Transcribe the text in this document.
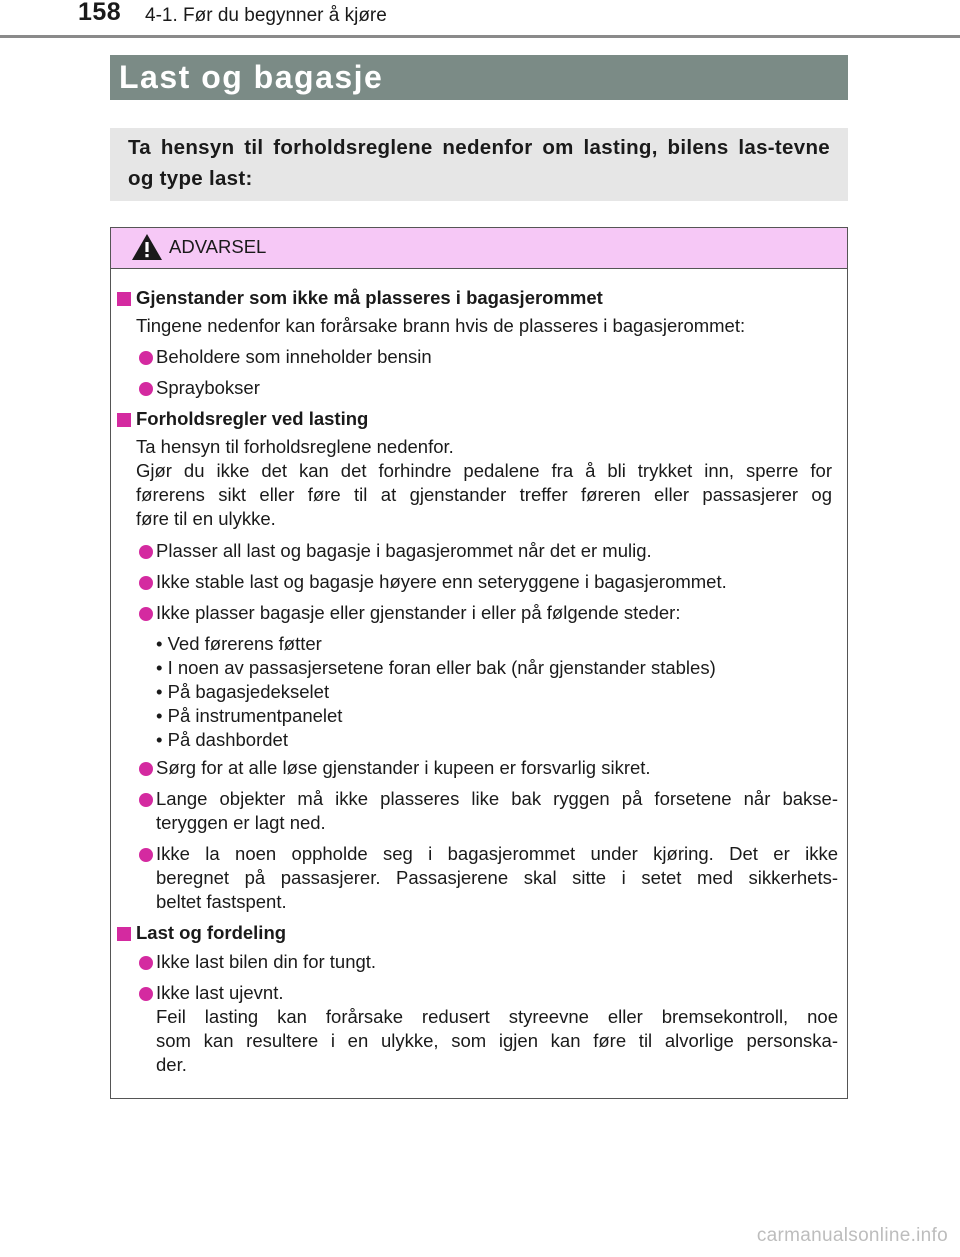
158 4-1. Før du begynner å kjøre
Last og bagasje
Ta hensyn til forholdsreglene nedenfor om lasting, bilens las-tevne og type last:
ADVARSEL
Gjenstander som ikke må plasseres i bagasjerommet
Tingene nedenfor kan forårsake brann hvis de plasseres i bagasjerommet:
Beholdere som inneholder bensin
Spraybokser
Forholdsregler ved lasting
Ta hensyn til forholdsreglene nedenfor.
Gjør du ikke det kan det forhindre pedalene fra å bli trykket inn, sperre for
førerens sikt eller føre til at gjenstander treffer føreren eller passasjerer og
føre til en ulykke.
Plasser all last og bagasje i bagasjerommet når det er mulig.
Ikke stable last og bagasje høyere enn seteryggene i bagasjerommet.
Ikke plasser bagasje eller gjenstander i eller på følgende steder:
• Ved førerens føtter
• I noen av passasjersetene foran eller bak (når gjenstander stables)
• På bagasjedekselet
• På instrumentpanelet
• På dashbordet
Sørg for at alle løse gjenstander i kupeen er forsvarlig sikret.
Lange objekter må ikke plasseres like bak ryggen på forsetene når bakse-
teryggen er lagt ned.
Ikke la noen oppholde seg i bagasjerommet under kjøring. Det er ikke
beregnet på passasjerer. Passasjerene skal sitte i setet med sikkerhets-
beltet fastspent.
Last og fordeling
Ikke last bilen din for tungt.
Ikke last ujevnt.
Feil lasting kan forårsake redusert styreevne eller bremsekontroll, noe
som kan resultere i en ulykke, som igjen kan føre til alvorlige personska-
der.
carmanualsonline.info
